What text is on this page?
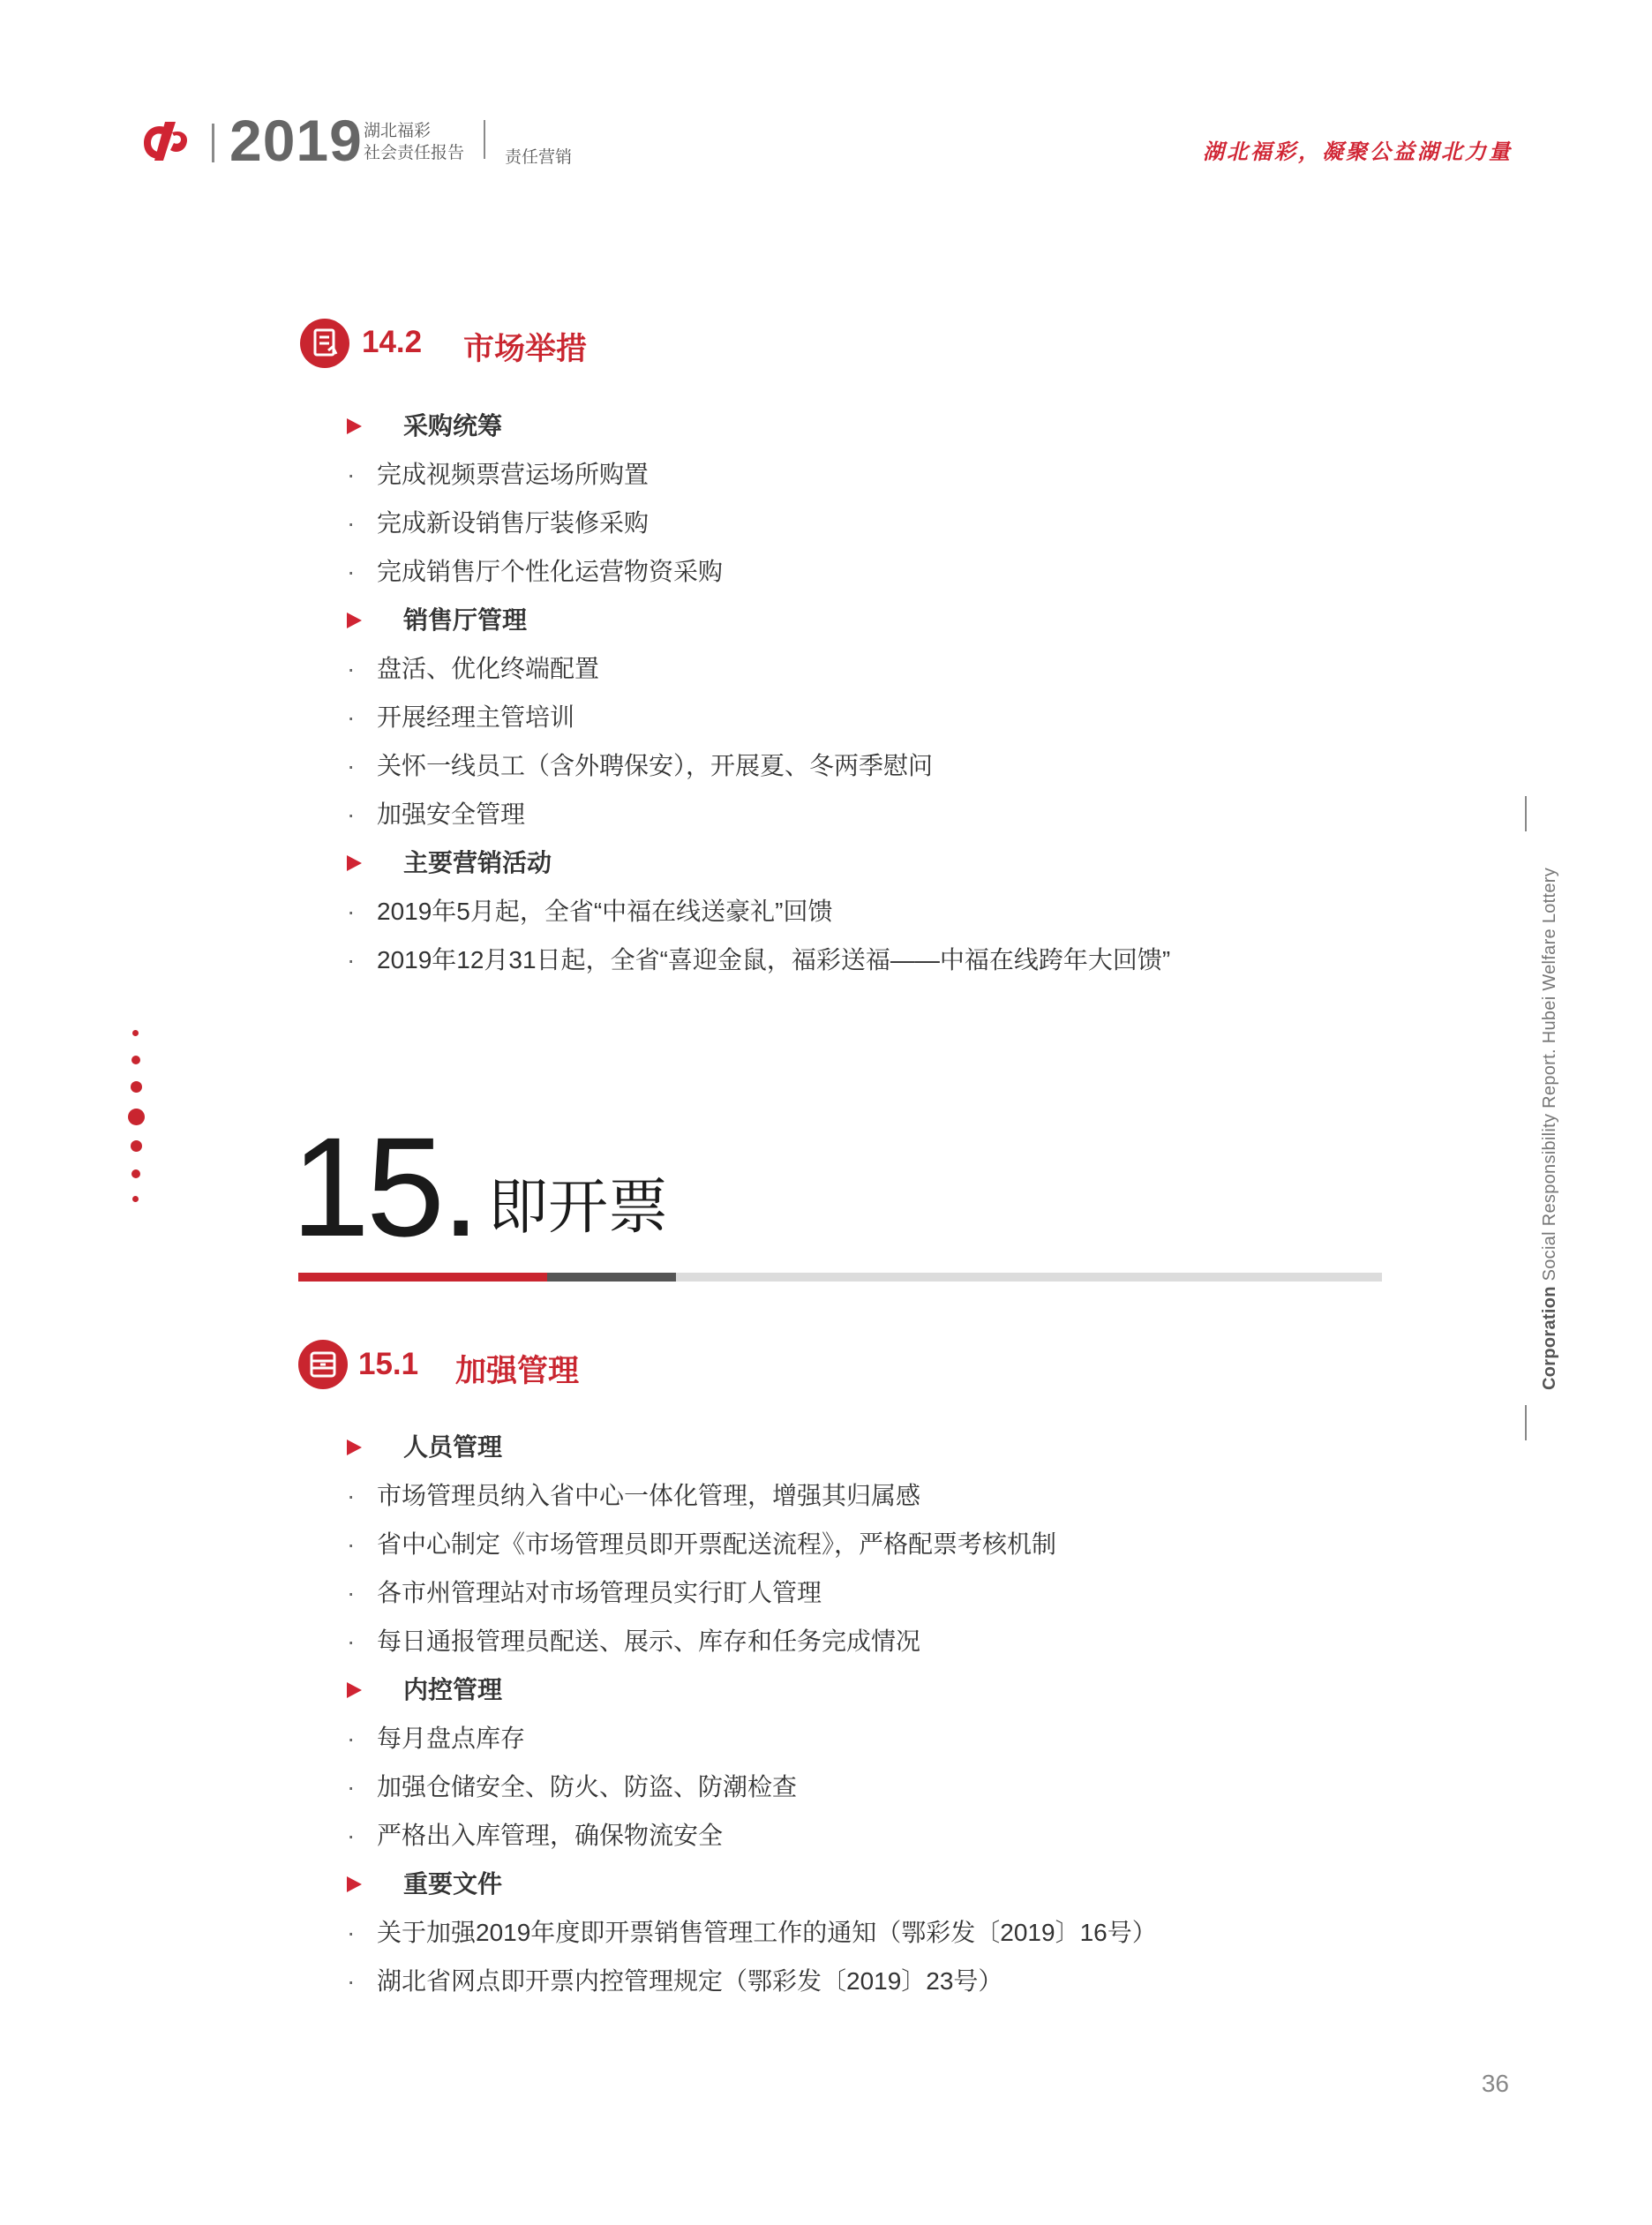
2019 湖北福彩
社会责任报告 责任营销	湖北福彩，凝聚公益湖北力量
14.2 市场举措
采购统筹
· 完成视频票营运场所购置
· 完成新设销售厅装修采购
· 完成销售厅个性化运营物资采购
销售厅管理
· 盘活、优化终端配置
· 开展经理主管培训
· 关怀一线员工（含外聘保安），开展夏、冬两季慰问
· 加强安全管理
主要营销活动
· 2019年5月起，全省“中福在线送豪礼”回馈
· 2019年12月31日起，全省“喜迎金鼠，福彩送福——中福在线跨年大回馈”
15. 即开票
15.1 加强管理
人员管理
· 市场管理员纳入省中心一体化管理，增强其归属感
· 省中心制定《市场管理员即开票配送流程》，严格配票考核机制
· 各市州管理站对市场管理员实行盯人管理
· 每日通报管理员配送、展示、库存和任务完成情况
内控管理
· 每月盘点库存
· 加强仓储安全、防火、防盗、防潮检查
· 严格出入库管理，确保物流安全
重要文件
· 关于加强2019年度即开票销售管理工作的通知（鄂彩发〔2019〕16号）
· 湖北省网点即开票内控管理规定（鄂彩发〔2019〕23号）
Corporation Social Responsibility Report. Hubei Welfare Lottery
36
